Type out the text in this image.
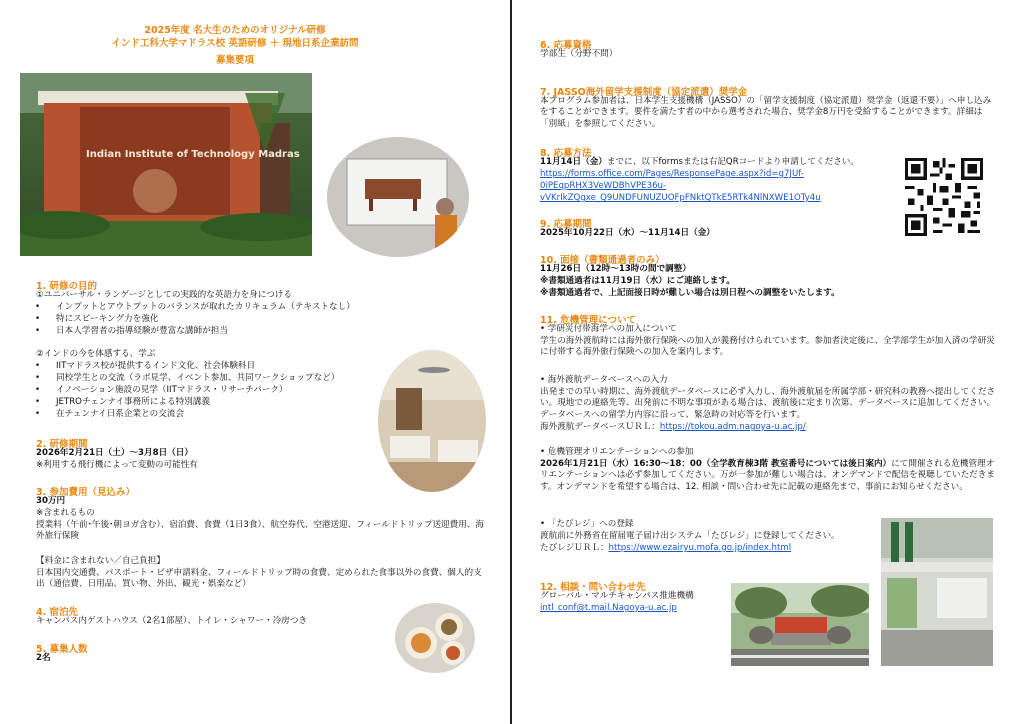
2025年度 名大生のためのオリジナル研修
インド工科大学マドラス校 英語研修 ＋ 現地日系企業訪問
募集要項
Indian Institute of Technology Madras
1. 研修の目的
①ユニバーサル・ランゲージとしての実践的な英語力を身につける
• インプットとアウトプットのバランスが取れたカリキュラム（テキストなし）
• 特にスピーキング力を強化
• 日本人学習者の指導経験が豊富な講師が担当
②インドの今を体感する、学ぶ
• IITマドラス校が提供するインド文化、社会体験科目
• 同校学生との交流（ラボ見学、イベント参加、共同ワークショップなど）
• イノベーション施設の見学（IITマドラス・リサーチパーク）
• JETROチェンナイ事務所による特別講義
• 在チェンナイ日系企業との交流会
2. 研修期間
2026年2月21日（土）～3月8日（日）
※利用する飛行機によって変動の可能性有
3. 参加費用（見込み）
30万円
※含まれるもの
授業料（午前･午後･朝ヨガ含む）、宿泊費、食費（1日3食）、航空券代、空港送迎、フィールドトリップ送迎費用、海外旅行保険
【料金に含まれない／自己負担】
日本国内交通費、パスポート・ビザ申請料金、フィールドトリップ時の食費、定められた食事以外の食費、個人的支出（通信費、日用品、買い物、外出、観光・娯楽など）
4. 宿泊先
キャンパス内ゲストハウス（2名1部屋）、トイレ・シャワー・冷房つき
5. 募集人数
2名
6. 応募資格
学部生（分野不問）
7. JASSO海外留学支援制度（協定派遣）奨学金
本プログラム参加者は、日本学生支援機構（JASSO）の「留学支援制度（協定派遣）奨学金（返還不要）」へ申し込みをすることができます。要件を満たす者の中から選考された場合、奨学金8万円を受給することができます。詳細は「別紙」を参照してください。
8. 応募方法
11月14日（金）までに、以下formsまたは右記QRコードより申請してください。
https://forms.office.com/Pages/ResponsePage.aspx?id=g7JUf-
0iPEqpRHX3VeWDBhVPE36u-
vVKrIkZQgxe_Q9UNDFUNUZUOFpFNktQTkE5RTk4NlNXWE1OTy4u
9. 応募期間
2025年10月22日（水）～11月14日（金）
10. 面接（書類通過者のみ）
11月26日（12時～13時の間で調整）
※書類通過者は11月19日（水）にご連絡します。
※書類通過者で、上記面接日時が難しい場合は別日程への調整をいたします。
11. 危機管理について
• 学研災付帯海学への加入について
学生の海外渡航時には海外旅行保険への加入が義務付けられています。参加者決定後に、全学部学生が加入済の学研災に付帯する海外旅行保険への加入を案内します。
• 海外渡航データベースへの入力
出発までの早い時期に、海外渡航データベースに必ず入力し、海外渡航届を所属学部・研究科の教務へ提出してください。現地での連絡先等、出発前に不明な事項がある場合は、渡航後に定まり次第、データベースに追加してください。データベースへの留学力内容に沿って、緊急時の対応等を行います。
海外渡航データベースＵＲＬ：https://tokou.adm.nagoya-u.ac.jp/
• 危機管理オリエンテーションへの参加
2026年1月21日（水）16:30～18：00（全学教育棟3階 教室番号については後日案内）にて開催される危機管理オリエンテーションへは必ず参加してください。万が一参加が難しい場合は、オンデマンドで配信を視聴していただきます。オンデマンドを希望する場合は、12. 相談・問い合わせ先に記載の連絡先まで、事前にお知らせください。
• 「たびレジ」への登録
渡航前に外務省在留届電子届け出システム「たびレジ」に登録してください。
たびレジＵＲＬ：https://www.ezairyu.mofa.go.jp/index.html
12. 相談・問い合わせ先
グローバル・マルチキャンパス推進機構
intl_conf@t.mail.Nagoya-u.ac.jp
